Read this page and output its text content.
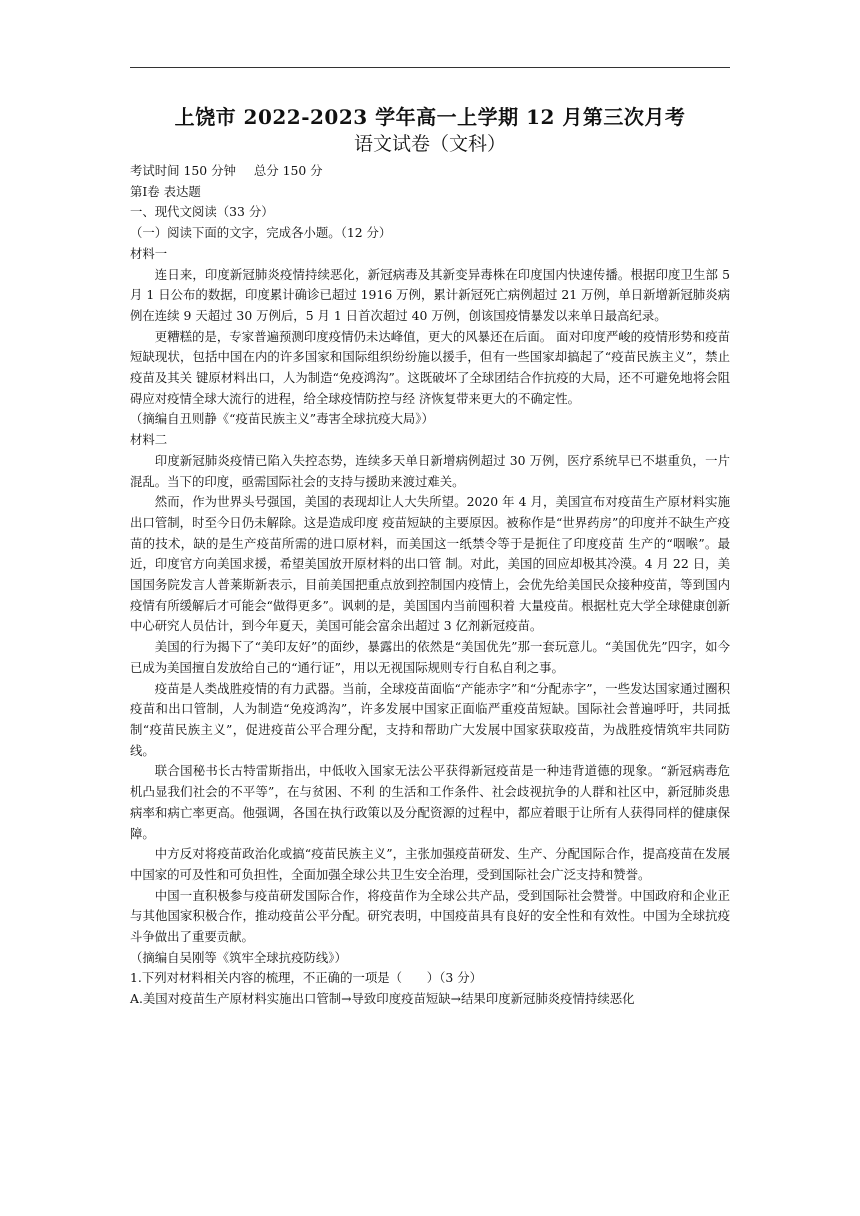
上饶市 2022-2023 学年高一上学期 12 月第三次月考
语文试卷（文科）
考试时间 150 分钟 总分 150 分
第Ⅰ卷 表达题
一、现代文阅读（33 分）
（一）阅读下面的文字，完成各小题。（12 分）
材料一
连日来，印度新冠肺炎疫情持续恶化，新冠病毒及其新变异毒株在印度国内快速传播。根据印度卫生部 5 月 1 日公布的数据，印度累计确诊已超过 1916 万例，累计新冠死亡病例超过 21 万例，单日新增新冠肺炎病例在连续 9 天超过 30 万例后，5 月 1 日首次超过 40 万例，创该国疫情暴发以来单日最高纪录。
更糟糕的是，专家普遍预测印度疫情仍未达峰值，更大的风暴还在后面。 面对印度严峻的疫情形势和疫苗短缺现状，包括中国在内的许多国家和国际组织纷纷施以援手，但有一些国家却搞起了“疫苗民族主义”，禁止疫苗及其关 键原材料出口，人为制造“免疫鸿沟”。这既破坏了全球团结合作抗疫的大局，还不可避免地将会阻碍应对疫情全球大流行的进程，给全球疫情防控与经 济恢复带来更大的不确定性。
（摘编自丑则静《“疫苗民族主义”毒害全球抗疫大局》）
材料二
印度新冠肺炎疫情已陷入失控态势，连续多天单日新增病例超过 30 万例，医疗系统早已不堪重负，一片混乱。当下的印度，亟需国际社会的支持与援助来渡过难关。
然而，作为世界头号强国，美国的表现却让人大失所望。2020 年 4 月，美国宣布对疫苗生产原材料实施出口管制，时至今日仍未解除。这是造成印度 疫苗短缺的主要原因。被称作是“世界药房”的印度并不缺生产疫苗的技术，缺的是生产疫苗所需的进口原材料，而美国这一纸禁令等于是扼住了印度疫苗 生产的“咽喉”。最近，印度官方向美国求援，希望美国放开原材料的出口管 制。对此，美国的回应却极其冷漠。4 月 22 日，美国国务院发言人普莱斯新表示，目前美国把重点放到控制国内疫情上，会优先给美国民众接种疫苗，等到国内疫情有所缓解后才可能会“做得更多”。讽刺的是，美国国内当前囤积着 大量疫苗。根据杜克大学全球健康创新中心研究人员估计，到今年夏天，美国可能会富余出超过 3 亿剂新冠疫苗。
美国的行为揭下了“美印友好”的面纱，暴露出的依然是“美国优先”那一套玩意儿。“美国优先”四字，如今已成为美国擅自发放给自己的“通行证”，用以无视国际规则专行自私自利之事。
疫苗是人类战胜疫情的有力武器。当前，全球疫苗面临“产能赤字”和“分配赤字”，一些发达国家通过圈积疫苗和出口管制，人为制造“免疫鸿沟”，许多发展中国家正面临严重疫苗短缺。国际社会普遍呼吁，共同抵制“疫苗民族主义”，促进疫苗公平合理分配，支持和帮助广大发展中国家获取疫苗，为战胜疫情筑牢共同防线。
联合国秘书长古特雷斯指出，中低收入国家无法公平获得新冠疫苗是一种违背道德的现象。“新冠病毒危机凸显我们社会的不平等”，在与贫困、不利 的生活和工作条件、社会歧视抗争的人群和社区中，新冠肺炎患病率和病亡率更高。他强调，各国在执行政策以及分配资源的过程中，都应着眼于让所有人获得同样的健康保障。
中方反对将疫苗政治化或搞“疫苗民族主义”，主张加强疫苗研发、生产、分配国际合作，提高疫苗在发展中国家的可及性和可负担性，全面加强全球公共卫生安全治理，受到国际社会广泛支持和赞誉。
中国一直积极参与疫苗研发国际合作，将疫苗作为全球公共产品，受到国际社会赞誉。中国政府和企业正与其他国家积极合作，推动疫苗公平分配。研究表明，中国疫苗具有良好的安全性和有效性。中国为全球抗疫斗争做出了重要贡献。
（摘编自吴刚等《筑牢全球抗疫防线》）
1.下列对材料相关内容的梳理，不正确的一项是（　　）（3 分）
A.美国对疫苗生产原材料实施出口管制→导致印度疫苗短缺→结果印度新冠肺炎疫情持续恶化
